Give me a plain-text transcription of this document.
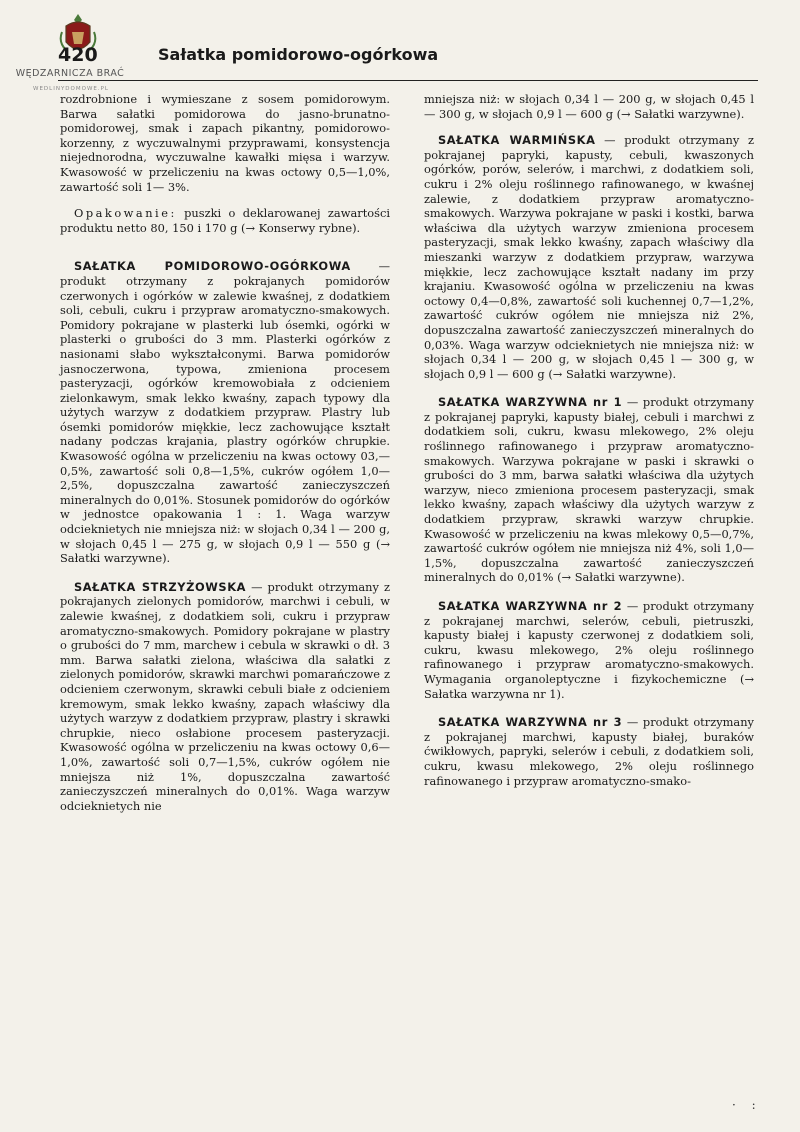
WĘDZARNICZA BRAĆ
WEDLINYDOMOWE.PL
420	Sałatka pomidorowo-ogórkowa

rozdrobnione i wymieszane z sosem pomidorowym. Barwa sałatki pomidorowa do jasno-brunatno-pomidorowej, smak i zapach pikantny, pomidorowo-korzenny, z wyczuwalnymi przyprawami, konsystencja niejednorodna, wyczuwalne kawałki mięsa i warzyw. Kwasowość w przeliczeniu na kwas octowy 0,5—1,0%, zawartość soli 1— 3%.

Opakowanie: puszki o deklarowanej zawartości produktu netto 80, 150 i 170 g (→ Konserwy rybne).

SAŁATKA POMIDOROWO-OGÓRKOWA — produkt otrzymany z pokrajanych pomidorów czerwonych i ogórków w zalewie kwaśnej, z dodatkiem soli, cebuli, cukru i przypraw aromatyczno-smakowych. Pomidory pokrajane w plasterki lub ósemki, ogórki w plasterki o grubości do 3 mm. Plasterki ogórków z nasionami słabo wykształconymi. Barwa pomidorów jasnoczerwona, typowa, zmieniona procesem pasteryzacji, ogórków kremowobiała z odcieniem zielonkawym, smak lekko kwaśny, zapach typowy dla użytych warzyw z dodatkiem przypraw. Plastry lub ósemki pomidorów miękkie, lecz zachowujące kształt nadany podczas krajania, plastry ogórków chrupkie. Kwasowość ogólna w przeliczeniu na kwas octowy 03,—0,5%, zawartość soli 0,8—1,5%, cukrów ogółem 1,0—2,5%, dopuszczalna zawartość zanieczyszczeń mineralnych do 0,01%. Stosunek pomidorów do ogórków w jednostce opakowania 1 : 1. Waga warzyw odcieknietych nie mniejsza niż: w słojach 0,34 l — 200 g, w słojach 0,45 l — 275 g, w słojach 0,9 l — 550 g (→ Sałatki warzywne).

SAŁATKA STRZYŻOWSKA — produkt otrzymany z pokrajanych zielonych pomidorów, marchwi i cebuli, w zalewie kwaśnej, z dodatkiem soli, cukru i przypraw aromatyczno-smakowych. Pomidory pokrajane w plastry o grubości do 7 mm, marchew i cebula w skrawki o dł. 3 mm. Barwa sałatki zielona, właściwa dla sałatki z zielonych pomidorów, skrawki marchwi pomarańczowe z odcieniem czerwonym, skrawki cebuli białe z odcieniem kremowym, smak lekko kwaśny, zapach właściwy dla użytych warzyw z dodatkiem przypraw, plastry i skrawki chrupkie, nieco osłabione procesem pasteryzacji. Kwasowość ogólna w przeliczeniu na kwas octowy 0,6—1,0%, zawartość soli 0,7—1,5%, cukrów ogółem nie mniejsza niż 1%, dopuszczalna zawartość zanieczyszczeń mineralnych do 0,01%. Waga warzyw odcieknietych nie

mniejsza niż: w słojach 0,34 l — 200 g, w słojach 0,45 l — 300 g, w słojach 0,9 l — 600 g (→ Sałatki warzywne).

SAŁATKA WARMIŃSKA — produkt otrzymany z pokrajanej papryki, kapusty, cebuli, kwaszonych ogórków, porów, selerów, i marchwi, z dodatkiem soli, cukru i 2% oleju roślinnego rafinowanego, w kwaśnej zalewie, z dodatkiem przypraw aromatyczno-smakowych. Warzywa pokrajane w paski i kostki, barwa właściwa dla użytych warzyw zmieniona procesem pasteryzacji, smak lekko kwaśny, zapach właściwy dla mieszanki warzyw z dodatkiem przypraw, warzywa miękkie, lecz zachowujące kształt nadany im przy krajaniu. Kwasowość ogólna w przeliczeniu na kwas octowy 0,4—0,8%, zawartość soli kuchennej 0,7—1,2%, zawartość cukrów ogółem nie mniejsza niż 2%, dopuszczalna zawartość zanieczyszczeń mineralnych do 0,03%. Waga warzyw odcieknietych nie mniejsza niż: w słojach 0,34 l — 200 g, w słojach 0,45 l — 300 g, w słojach 0,9 l — 600 g (→ Sałatki warzywne).

SAŁATKA WARZYWNA nr 1 — produkt otrzymany z pokrajanej papryki, kapusty białej, cebuli i marchwi z dodatkiem soli, cukru, kwasu mlekowego, 2% oleju roślinnego rafinowanego i przypraw aromatyczno-smakowych. Warzywa pokrajane w paski i skrawki o grubości do 3 mm, barwa sałatki właściwa dla użytych warzyw, nieco zmieniona procesem pasteryzacji, smak lekko kwaśny, zapach właściwy dla użytych warzyw z dodatkiem przypraw, skrawki warzyw chrupkie. Kwasowość w przeliczeniu na kwas mlekowy 0,5—0,7%, zawartość cukrów ogółem nie mniejsza niż 4%, soli 1,0—1,5%, dopuszczalna zawartość zanieczyszczeń mineralnych do 0,01% (→ Sałatki warzywne).

SAŁATKA WARZYWNA nr 2 — produkt otrzymany z pokrajanej marchwi, selerów, cebuli, pietruszki, kapusty białej i kapusty czerwonej z dodatkiem soli, cukru, kwasu mlekowego, 2% oleju roślinnego rafinowanego i przypraw aromatyczno-smakowych. Wymagania organoleptyczne i fizykochemiczne (→ Sałatka warzywna nr 1).

SAŁATKA WARZYWNA nr 3 — produkt otrzymany z pokrajanej marchwi, kapusty białej, buraków ćwikłowych, papryki, selerów i cebuli, z dodatkiem soli, cukru, kwasu mlekowego, 2% oleju roślinnego rafinowanego i przypraw aromatyczno-smako-

· :
